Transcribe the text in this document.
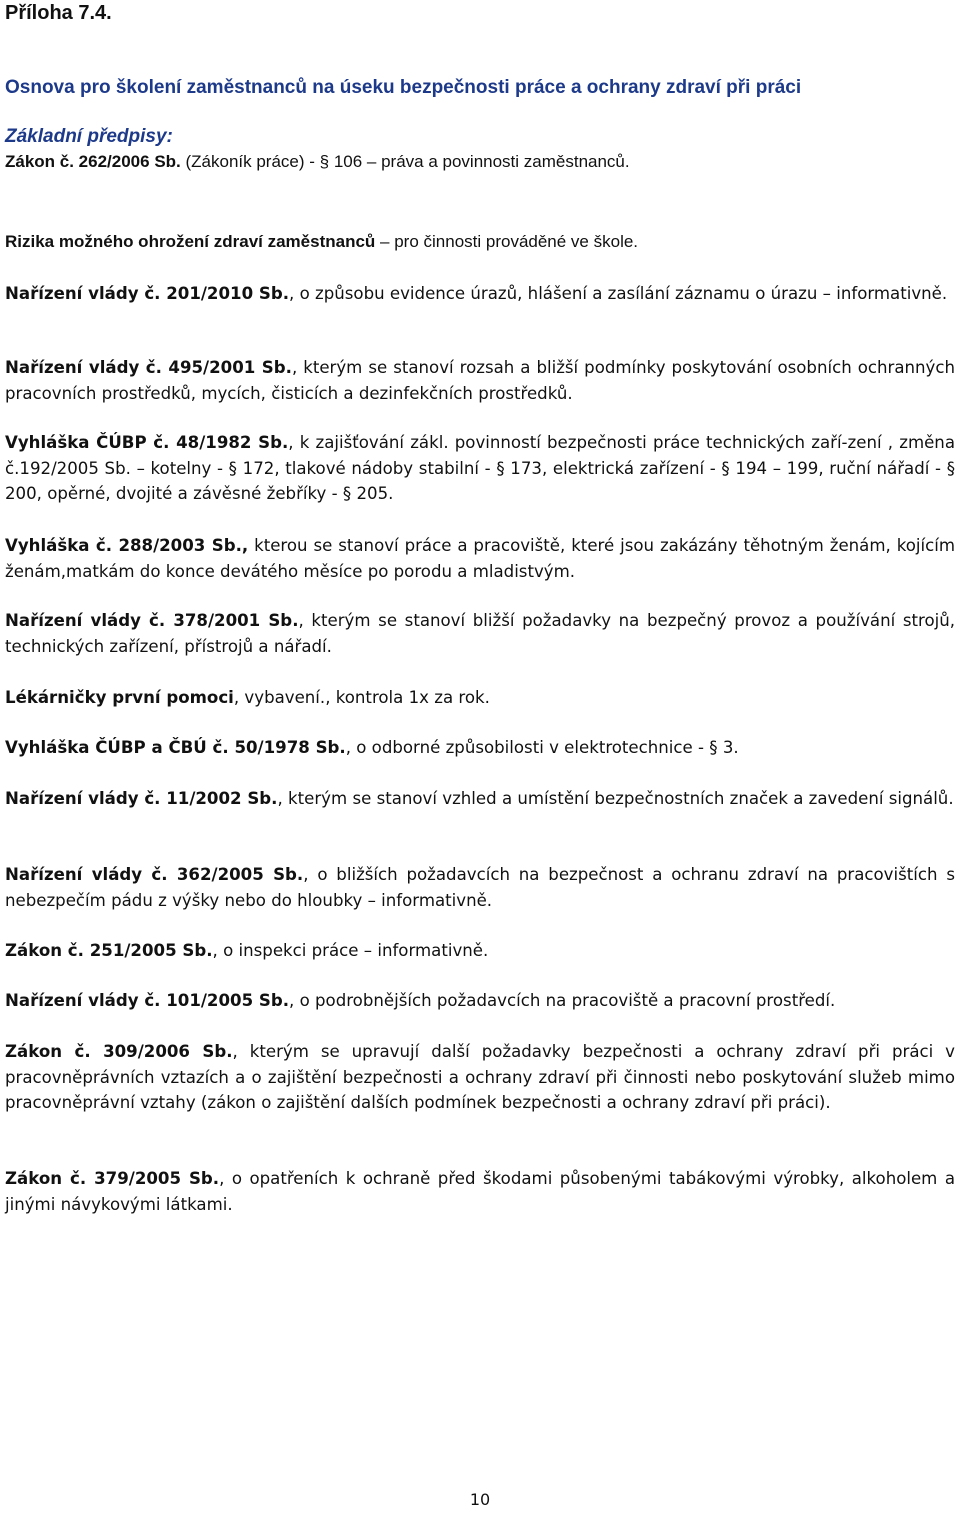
Příloha 7.4.
Osnova pro školení zaměstnanců na úseku bezpečnosti práce a ochrany zdraví při práci
Základní předpisy:

Zákon č. 262/2006 Sb. (Zákoník práce) - § 106 – práva a povinnosti zaměstnanců.

Rizika možného ohrožení zdraví zaměstnanců – pro činnosti prováděné ve škole.

Nařízení vlády č. 201/2010 Sb., o způsobu evidence úrazů, hlášení a zasílání záznamu o úrazu – informativně.

Nařízení vlády č. 495/2001 Sb., kterým se stanoví rozsah a bližší podmínky poskytování osobních ochranných pracovních prostředků, mycích, čisticích a dezinfekčních prostředků.

Vyhláška ČÚBP č. 48/1982 Sb., k zajišťování zákl. povinností bezpečnosti práce technických zaří-zení , změna č.192/2005 Sb. – kotelny - § 172, tlakové nádoby stabilní - § 173, elektrická zařízení - § 194 – 199, ruční nářadí - § 200, opěrné, dvojité a závěsné žebříky - § 205.

Vyhláška č. 288/2003 Sb., kterou se stanoví práce a pracoviště, které jsou zakázány těhotným ženám, kojícím ženám,matkám do konce devátého měsíce po porodu a mladistvým.

Nařízení vlády č. 378/2001 Sb., kterým se stanoví bližší požadavky na bezpečný provoz a používání strojů, technických zařízení, přístrojů a nářadí.

Lékárničky první pomoci, vybavení., kontrola 1x za rok.

Vyhláška ČÚBP a ČBÚ č. 50/1978 Sb., o odborné způsobilosti v elektrotechnice - § 3.

Nařízení vlády č. 11/2002 Sb., kterým se stanoví vzhled a umístění bezpečnostních značek a zavedení signálů.

Nařízení vlády č. 362/2005 Sb., o bližších požadavcích na bezpečnost a ochranu zdraví na pracovištích s nebezpečím pádu z výšky nebo do hloubky – informativně.

Zákon č. 251/2005 Sb., o inspekci práce – informativně.

Nařízení vlády č. 101/2005 Sb., o podrobnějších požadavcích na pracoviště a pracovní prostředí.

Zákon č. 309/2006 Sb., kterým se upravují další požadavky bezpečnosti a ochrany zdraví při práci v pracovněprávních vztazích a o zajištění bezpečnosti a ochrany zdraví při činnosti nebo poskytování služeb mimo pracovněprávní vztahy (zákon o zajištění dalších podmínek bezpečnosti a ochrany zdraví při práci).

Zákon č. 379/2005 Sb., o opatřeních k ochraně před škodami působenými tabákovými výrobky, alkoholem a jinými návykovými látkami.

10
